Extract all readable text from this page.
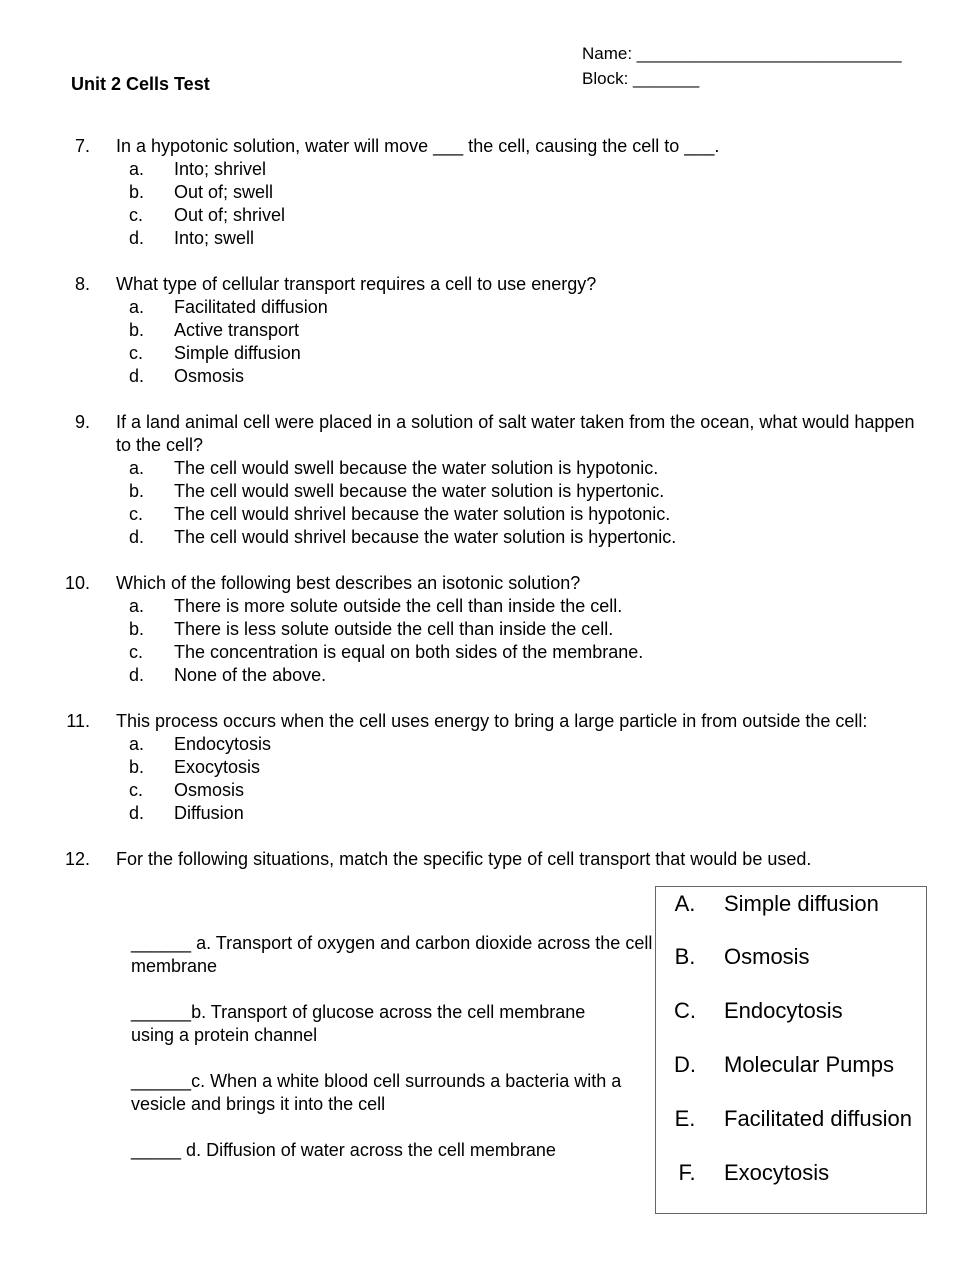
Unit 2 Cells Test
Name: ____________________________
Block: _______
7. In a hypotonic solution, water will move ___ the cell, causing the cell to ___.
a. Into; shrivel
b. Out of; swell
c. Out of; shrivel
d. Into; swell
8. What type of cellular transport requires a cell to use energy?
a. Facilitated diffusion
b. Active transport
c. Simple diffusion
d. Osmosis
9. If a land animal cell were placed in a solution of salt water taken from the ocean, what would happen to the cell?
a. The cell would swell because the water solution is hypotonic.
b. The cell would swell because the water solution is hypertonic.
c. The cell would shrivel because the water solution is hypotonic.
d. The cell would shrivel because the water solution is hypertonic.
10. Which of the following best describes an isotonic solution?
a. There is more solute outside the cell than inside the cell.
b. There is less solute outside the cell than inside the cell.
c. The concentration is equal on both sides of the membrane.
d. None of the above.
11. This process occurs when the cell uses energy to bring a large particle in from outside the cell:
a. Endocytosis
b. Exocytosis
c. Osmosis
d. Diffusion
12. For the following situations, match the specific type of cell transport that would be used.
______ a. Transport of oxygen and carbon dioxide across the cell membrane
______b. Transport of glucose across the cell membrane using a protein channel
______c. When a white blood cell surrounds a bacteria with a vesicle and brings it into the cell
_____ d. Diffusion of water across the cell membrane
A.	Simple diffusion
B.	Osmosis
C.	Endocytosis
D.	Molecular Pumps
E.	Facilitated diffusion
F.	Exocytosis
